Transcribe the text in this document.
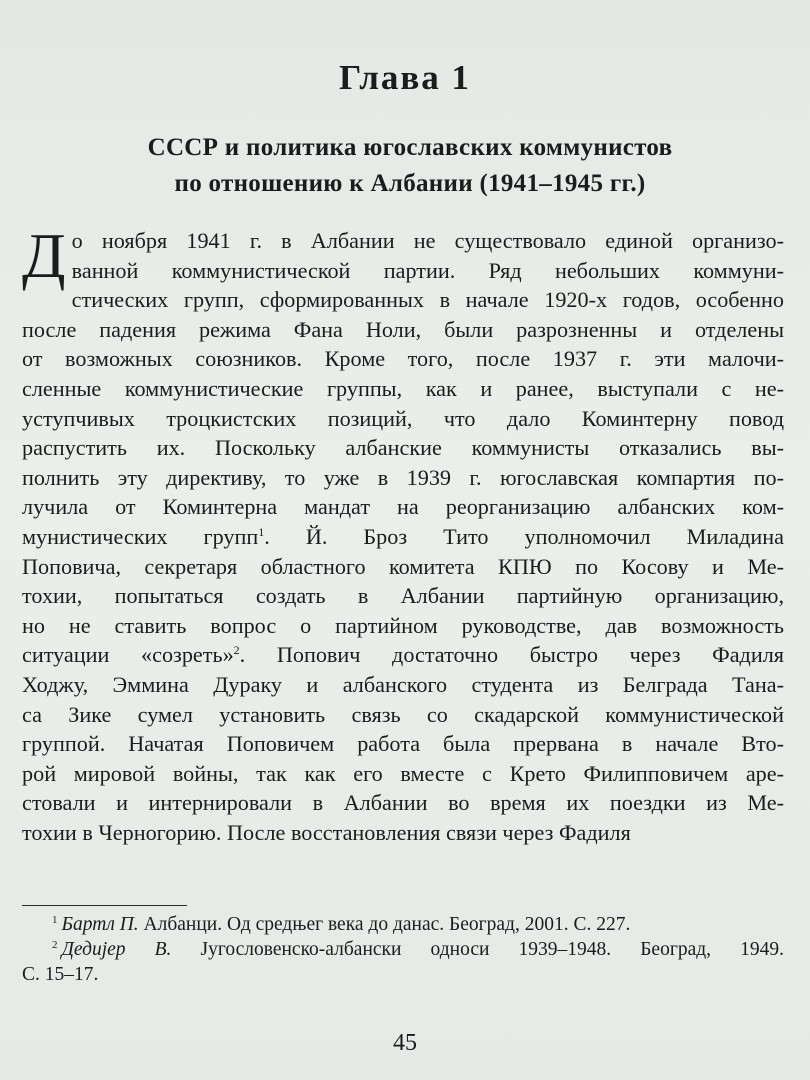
Глава 1
СССР и политика югославских коммунистов
по отношению к Албании (1941–1945 гг.)
Д о ноября 1941 г. в Албании не существовало единой организо-
ванной коммунистической партии. Ряд небольших коммуни-
стических групп, сформированных в начале 1920-х годов, особенно
после падения режима Фана Ноли, были разрозненны и отделены
от возможных союзников. Кроме того, после 1937 г. эти малочи-
сленные коммунистические группы, как и ранее, выступали с не-
уступчивых троцкистских позиций, что дало Коминтерну повод
распустить их. Поскольку албанские коммунисты отказались вы-
полнить эту директиву, то уже в 1939 г. югославская компартия по-
лучила от Коминтерна мандат на реорганизацию албанских ком-
мунистических групп$^1$. Й. Броз Тито уполномочил Миладина
Поповича, секретаря областного комитета КПЮ по Косову и Ме-
тохии, попытаться создать в Албании партийную организацию,
но не ставить вопрос о партийном руководстве, дав возможность
ситуации «созреть»$^2$. Попович достаточно быстро через Фадиля
Ходжу, Эммина Дураку и албанского студента из Белграда Тана-
са Зике сумел установить связь со скадарской коммунистической
группой. Начатая Поповичем работа была прервана в начале Вто-
рой мировой войны, так как его вместе с Крето Филипповичем аре-
стовали и интернировали в Албании во время их поездки из Ме-
тохии в Черногорию. После восстановления связи через Фадиля
$^1$ Бартл П. Албанци. Од средњег века до данас. Београд, 2001. С. 227.
$^2$ Дедијер В. Југословенско-албански односи 1939–1948. Београд, 1949.
С. 15–17.
45
